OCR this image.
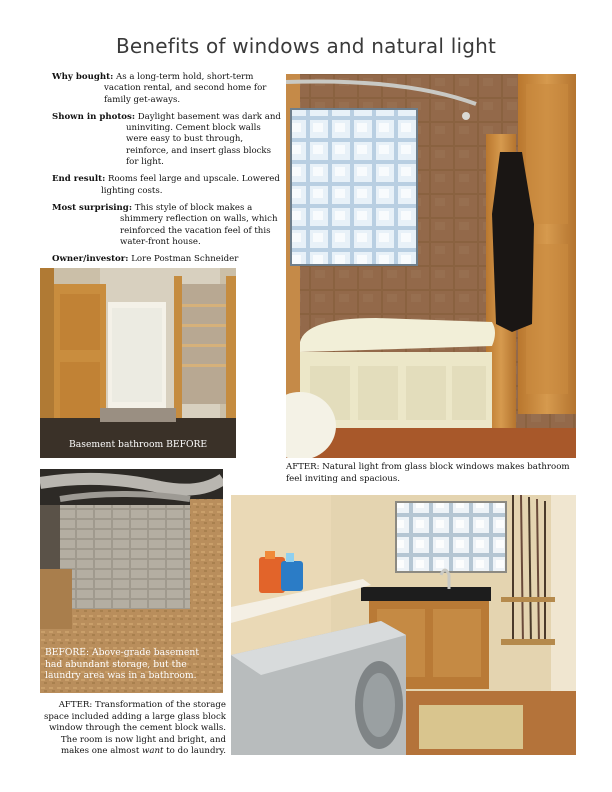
Benefits of windows and natural light
Why bought: As a long-term hold, short-term vacation rental, and second home for family get-aways.
Shown in photos: Daylight basement was dark and uninviting. Cement block walls were easy to bust through, reinforce, and insert glass blocks for light.
End result: Rooms feel large and upscale. Lowered lighting costs.
Most surprising: This style of block makes a shimmery reflection on walls, which reinforced the vacation feel of this water-front house.
Owner/investor: Lore Postman Schneider
Basement bathroom BEFORE
AFTER: Natural light from glass block windows makes bathroom feel inviting and spacious.
BEFORE: Above-grade basement had abundant storage, but the laundry area was in a bathroom.
AFTER: Transformation of the storage space included adding a large glass block window through the cement block walls. The room is now light and bright, and makes one almost want to do laundry.
